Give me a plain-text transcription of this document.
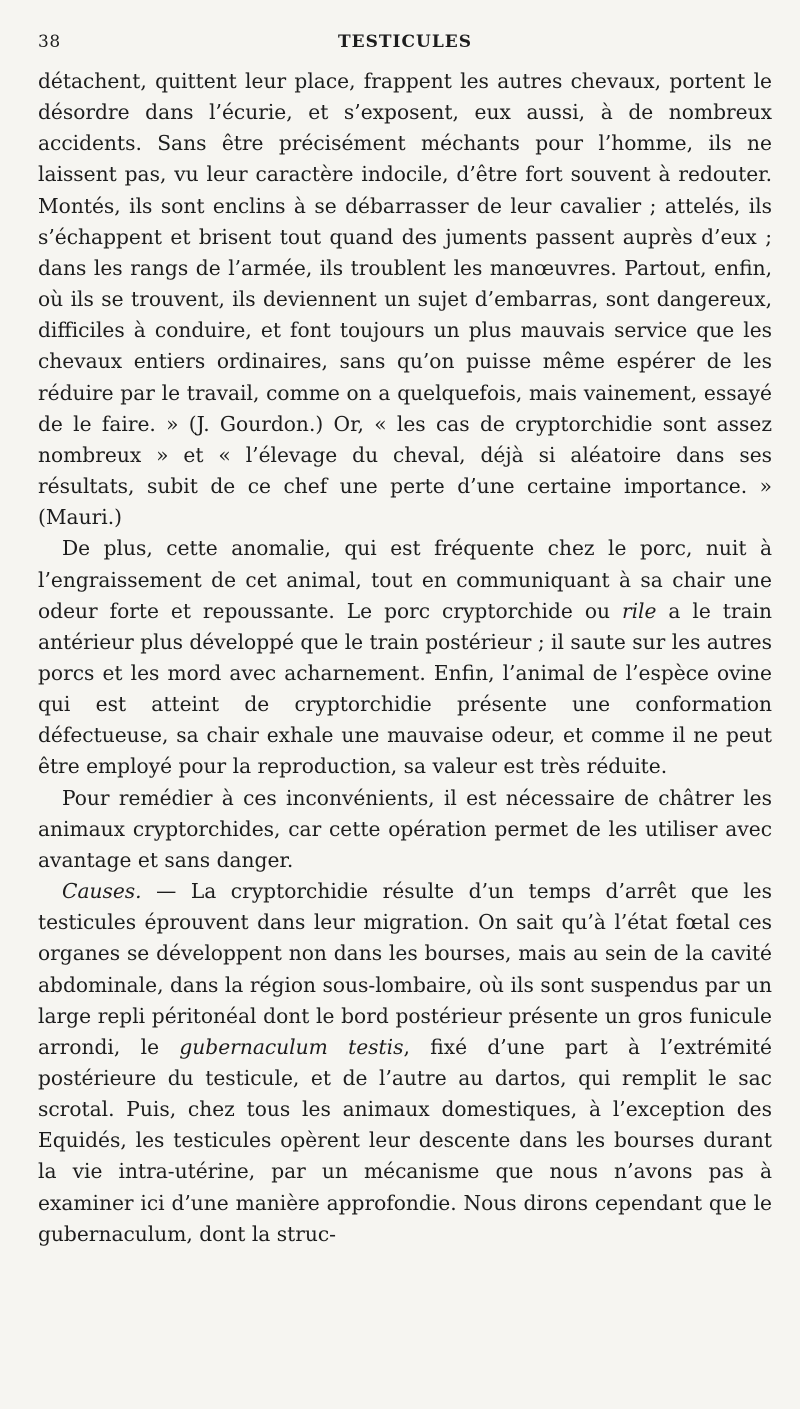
38	TESTICULES

détachent, quittent leur place, frappent les autres chevaux, portent le désordre dans l’écurie, et s’exposent, eux aussi, à de nombreux accidents. Sans être précisément méchants pour l’homme, ils ne laissent pas, vu leur caractère indocile, d’être fort souvent à redouter. Montés, ils sont enclins à se débarrasser de leur cavalier ; attelés, ils s’échappent et brisent tout quand des juments passent auprès d’eux ; dans les rangs de l’armée, ils troublent les manœuvres. Partout, enfin, où ils se trouvent, ils deviennent un sujet d’embarras, sont dangereux, difficiles à conduire, et font toujours un plus mauvais service que les chevaux entiers ordinaires, sans qu’on puisse même espérer de les réduire par le travail, comme on a quelquefois, mais vainement, essayé de le faire. » (J. Gourdon.) Or, « les cas de cryptorchidie sont assez nombreux » et « l’élevage du cheval, déjà si aléatoire dans ses résultats, subit de ce chef une perte d’une certaine importance. » (Mauri.)

De plus, cette anomalie, qui est fréquente chez le porc, nuit à l’engraissement de cet animal, tout en communiquant à sa chair une odeur forte et repoussante. Le porc cryptorchide ou rile a le train antérieur plus développé que le train postérieur ; il saute sur les autres porcs et les mord avec acharnement. Enfin, l’animal de l’espèce ovine qui est atteint de cryptorchidie présente une conformation défectueuse, sa chair exhale une mauvaise odeur, et comme il ne peut être employé pour la reproduction, sa valeur est très réduite.

Pour remédier à ces inconvénients, il est nécessaire de châtrer les animaux cryptorchides, car cette opération permet de les utiliser avec avantage et sans danger.

Causes. — La cryptorchidie résulte d’un temps d’arrêt que les testicules éprouvent dans leur migration. On sait qu’à l’état fœtal ces organes se développent non dans les bourses, mais au sein de la cavité abdominale, dans la région sous-lombaire, où ils sont suspendus par un large repli péritonéal dont le bord postérieur présente un gros funicule arrondi, le gubernaculum testis, fixé d’une part à l’extrémité postérieure du testicule, et de l’autre au dartos, qui remplit le sac scrotal. Puis, chez tous les animaux domestiques, à l’exception des Equidés, les testicules opèrent leur descente dans les bourses durant la vie intra-utérine, par un mécanisme que nous n’avons pas à examiner ici d’une manière approfondie. Nous dirons cependant que le gubernaculum, dont la struc-
